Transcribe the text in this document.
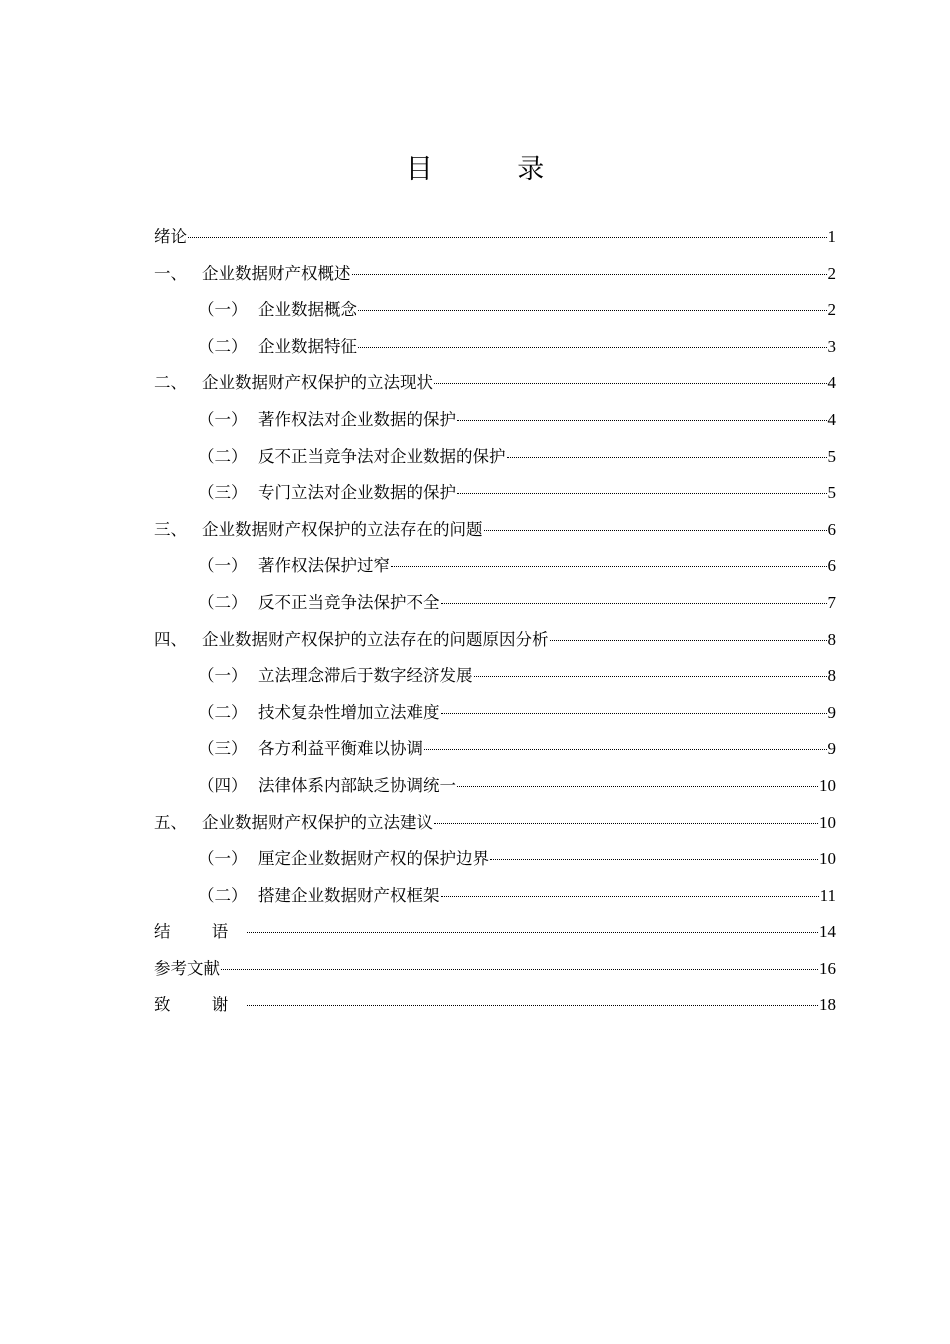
目 录
绪论	1
一、 企业数据财产权概述	2
（一） 企业数据概念	2
（二） 企业数据特征	3
二、 企业数据财产权保护的立法现状	4
（一） 著作权法对企业数据的保护	4
（二） 反不正当竞争法对企业数据的保护	5
（三） 专门立法对企业数据的保护	5
三、 企业数据财产权保护的立法存在的问题	6
（一） 著作权法保护过窄	6
（二） 反不正当竞争法保护不全	7
四、 企业数据财产权保护的立法存在的问题原因分析	8
（一） 立法理念滞后于数字经济发展	8
（二） 技术复杂性增加立法难度	9
（三） 各方利益平衡难以协调	9
（四） 法律体系内部缺乏协调统一	10
五、 企业数据财产权保护的立法建议	10
（一） 厘定企业数据财产权的保护边界	10
（二） 搭建企业数据财产权框架	11
结 语	14
参考文献	16
致 谢	18
